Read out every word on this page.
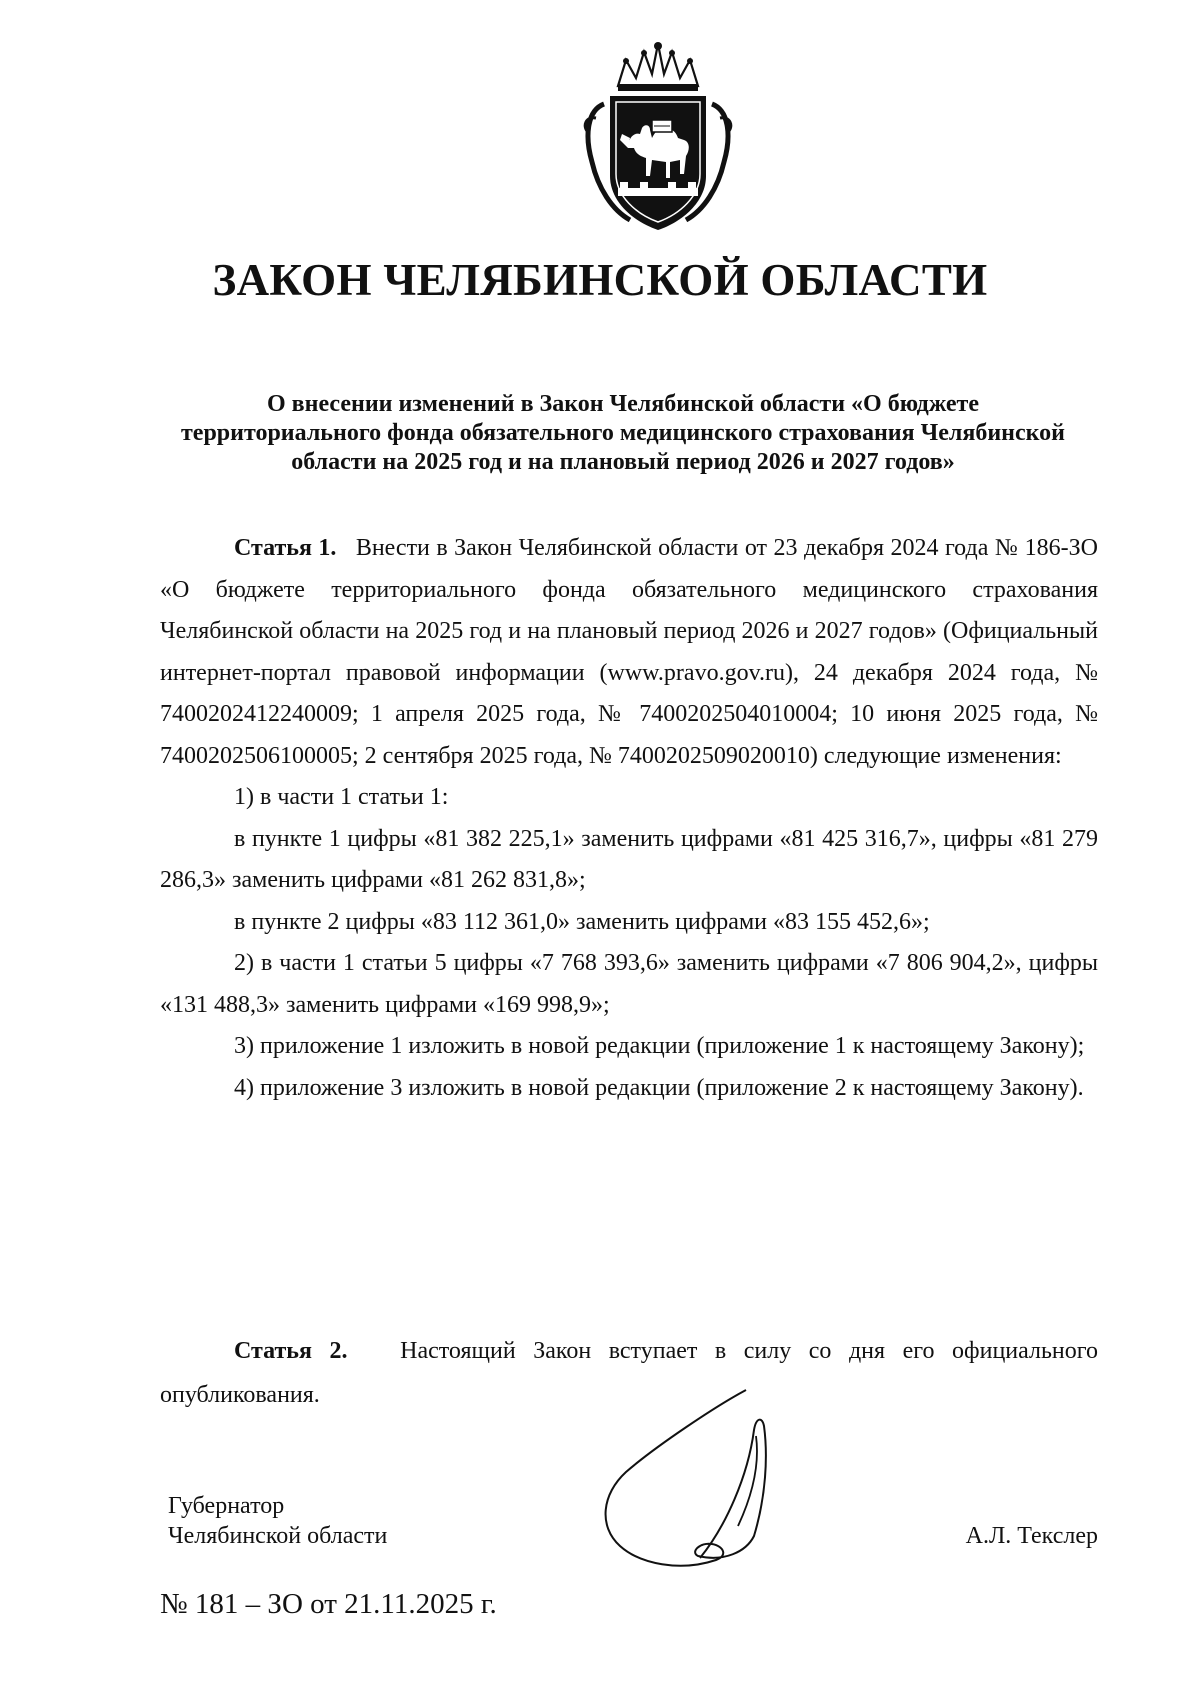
ЗАКОН ЧЕЛЯБИНСКОЙ ОБЛАСТИ
О внесении изменений в Закон Челябинской области «О бюджете
территориального фонда обязательного медицинского страхования Челябинской
области на 2025 год и на плановый период 2026 и 2027 годов»

Статья 1. Внести в Закон Челябинской области от 23 декабря 2024 года № 186-ЗО «О бюджете территориального фонда обязательного медицинского страхования Челябинской области на 2025 год и на плановый период 2026 и 2027 годов» (Официальный интернет-портал правовой информации (www.pravo.gov.ru), 24 декабря 2024 года, № 7400202412240009; 1 апреля 2025 года, № 7400202504010004; 10 июня 2025 года, № 7400202506100005; 2 сентября 2025 года, № 7400202509020010) следующие изменения:

1) в части 1 статьи 1:

в пункте 1 цифры «81 382 225,1» заменить цифрами «81 425 316,7», цифры «81 279 286,3» заменить цифрами «81 262 831,8»;

в пункте 2 цифры «83 112 361,0» заменить цифрами «83 155 452,6»;

2) в части 1 статьи 5 цифры «7 768 393,6» заменить цифрами «7 806 904,2», цифры «131 488,3» заменить цифрами «169 998,9»;

3) приложение 1 изложить в новой редакции (приложение 1 к настоящему Закону);

4) приложение 3 изложить в новой редакции (приложение 2 к настоящему Закону).

Статья 2. Настоящий Закон вступает в силу со дня его официального опубликования.

Губернатор
Челябинской области	А.Л. Текслер
№ 181 – ЗО от 21.11.2025 г.
